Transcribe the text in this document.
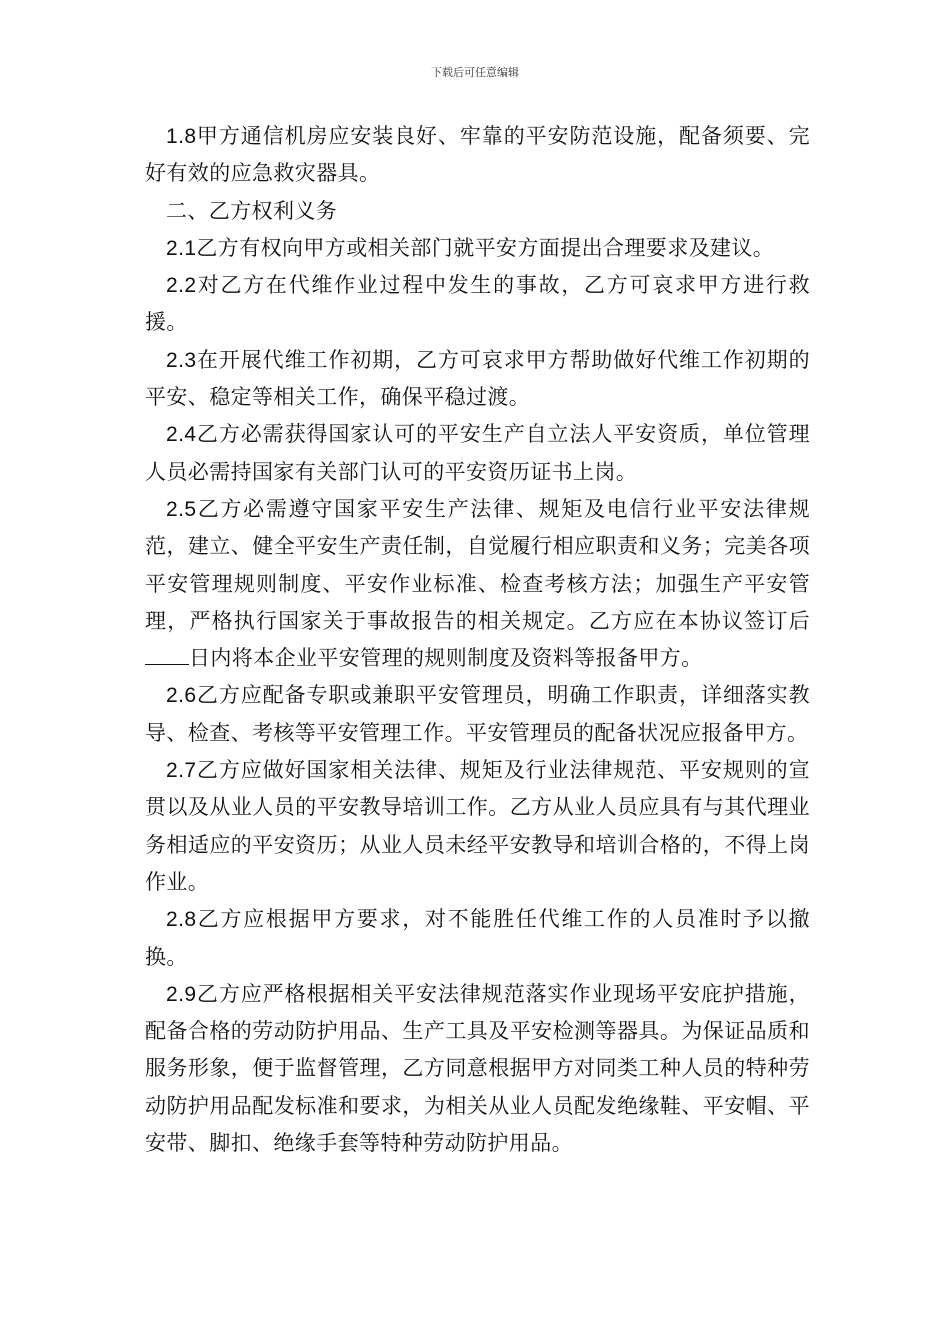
下载后可任意编辑

1.8甲方通信机房应安装良好、牢靠的平安防范设施，配备须要、完好有效的应急救灾器具。

二、乙方权利义务

2.1乙方有权向甲方或相关部门就平安方面提出合理要求及建议。

2.2对乙方在代维作业过程中发生的事故，乙方可哀求甲方进行救援。

2.3在开展代维工作初期，乙方可哀求甲方帮助做好代维工作初期的平安、稳定等相关工作，确保平稳过渡。

2.4乙方必需获得国家认可的平安生产自立法人平安资质，单位管理人员必需持国家有关部门认可的平安资历证书上岗。

2.5乙方必需遵守国家平安生产法律、规矩及电信行业平安法律规范，建立、健全平安生产责任制，自觉履行相应职责和义务；完美各项平安管理规则制度、平安作业标准、检查考核方法；加强生产平安管理，严格执行国家关于事故报告的相关规定。乙方应在本协议签订后日内将本企业平安管理的规则制度及资料等报备甲方。

2.6乙方应配备专职或兼职平安管理员，明确工作职责，详细落实教导、检查、考核等平安管理工作。平安管理员的配备状况应报备甲方。

2.7乙方应做好国家相关法律、规矩及行业法律规范、平安规则的宣贯以及从业人员的平安教导培训工作。乙方从业人员应具有与其代理业务相适应的平安资历；从业人员未经平安教导和培训合格的，不得上岗作业。

2.8乙方应根据甲方要求，对不能胜任代维工作的人员准时予以撤换。

2.9乙方应严格根据相关平安法律规范落实作业现场平安庇护措施，配备合格的劳动防护用品、生产工具及平安检测等器具。为保证品质和服务形象，便于监督管理，乙方同意根据甲方对同类工种人员的特种劳动防护用品配发标准和要求，为相关从业人员配发绝缘鞋、平安帽、平安带、脚扣、绝缘手套等特种劳动防护用品。
